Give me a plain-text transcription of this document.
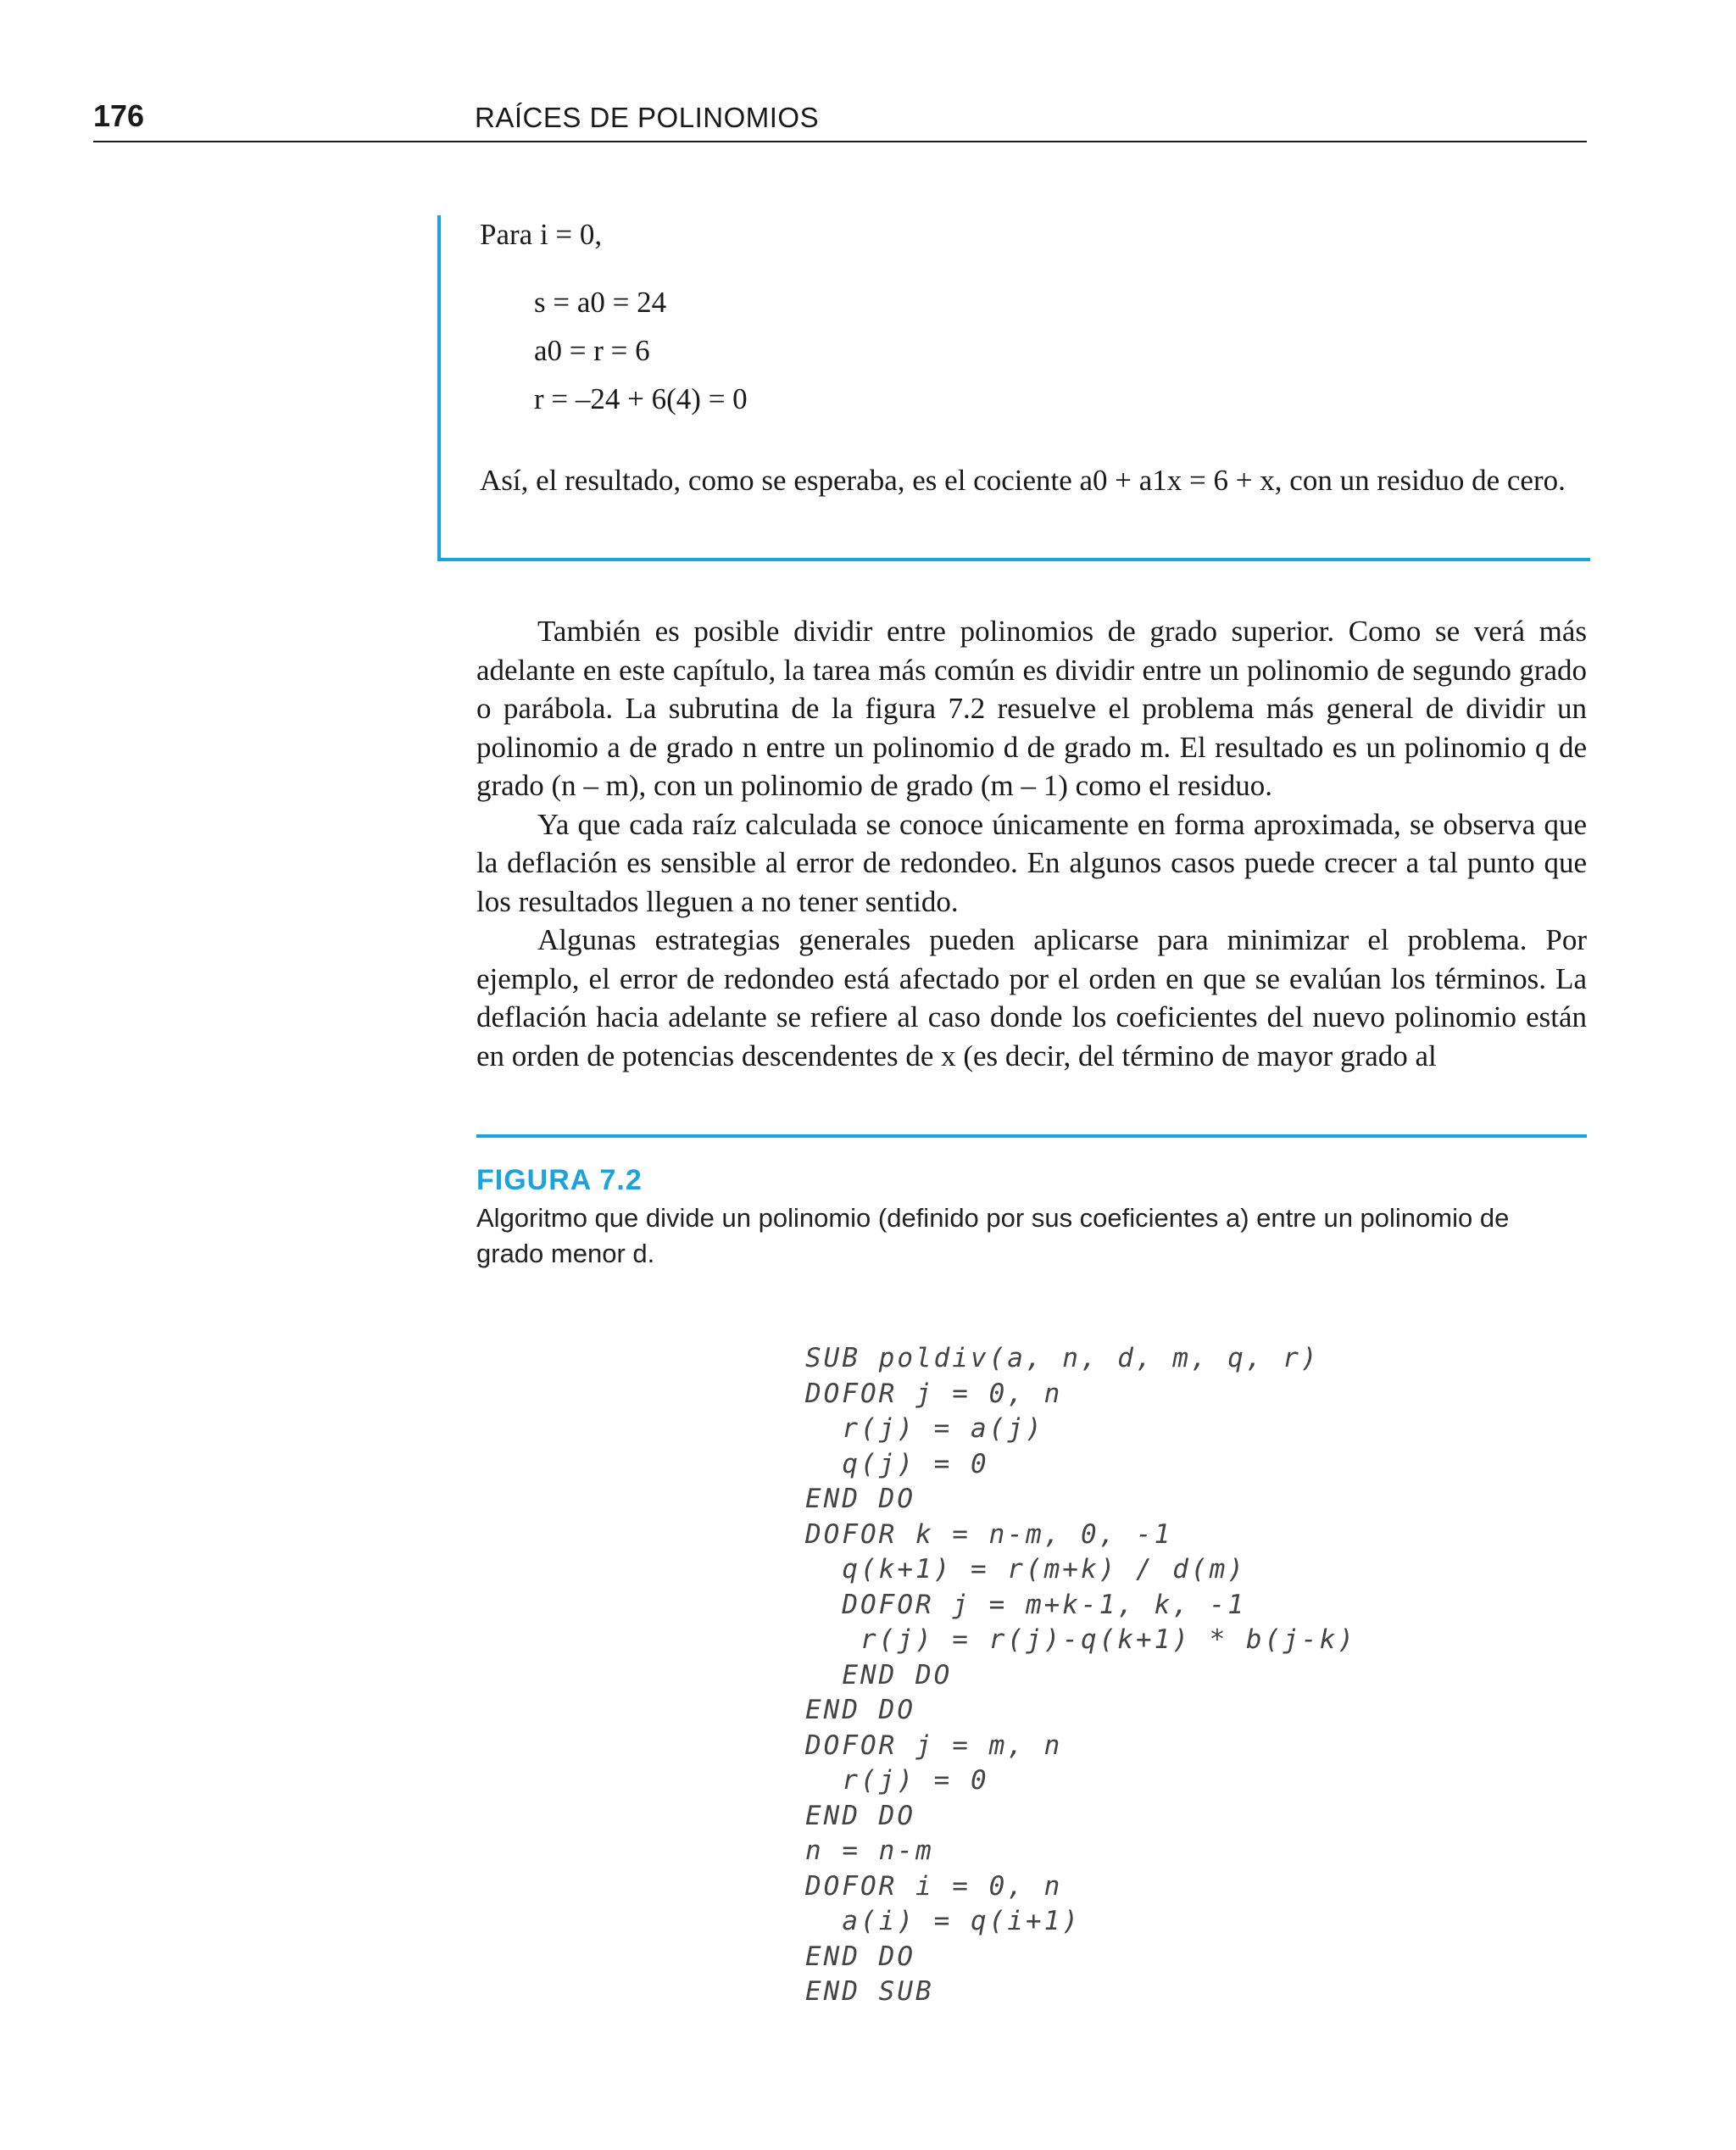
176	RAÍCES DE POLINOMIOS
Para i = 0,
s = a0 = 24
a0 = r = 6
r = –24 + 6(4) = 0
Así, el resultado, como se esperaba, es el cociente a0 + a1x = 6 + x, con un residuo de cero.

También es posible dividir entre polinomios de grado superior. Como se verá más adelante en este capítulo, la tarea más común es dividir entre un polinomio de segundo grado o parábola. La subrutina de la figura 7.2 resuelve el problema más general de dividir un polinomio a de grado n entre un polinomio d de grado m. El resultado es un polinomio q de grado (n – m), con un polinomio de grado (m – 1) como el residuo.

Ya que cada raíz calculada se conoce únicamente en forma aproximada, se observa que la deflación es sensible al error de redondeo. En algunos casos puede crecer a tal punto que los resultados lleguen a no tener sentido.

Algunas estrategias generales pueden aplicarse para minimizar el problema. Por ejemplo, el error de redondeo está afectado por el orden en que se evalúan los términos. La deflación hacia adelante se refiere al caso donde los coeficientes del nuevo polinomio están en orden de potencias descendentes de x (es decir, del término de mayor grado al

FIGURA 7.2
Algoritmo que divide un polinomio (definido por sus coeficientes a) entre un polinomio de grado menor d.
SUB poldiv(a, n, d, m, q, r)
DOFOR j = 0, n
r(j) = a(j)
q(j) = 0
END DO
DOFOR k = n-m, 0, -1
q(k+1) = r(m+k) / d(m)
DOFOR j = m+k-1, k, -1
r(j) = r(j)-q(k+1) * b(j-k)
END DO
END DO
DOFOR j = m, n
r(j) = 0
END DO
n = n-m
DOFOR i = 0, n
a(i) = q(i+1)
END DO
END SUB
